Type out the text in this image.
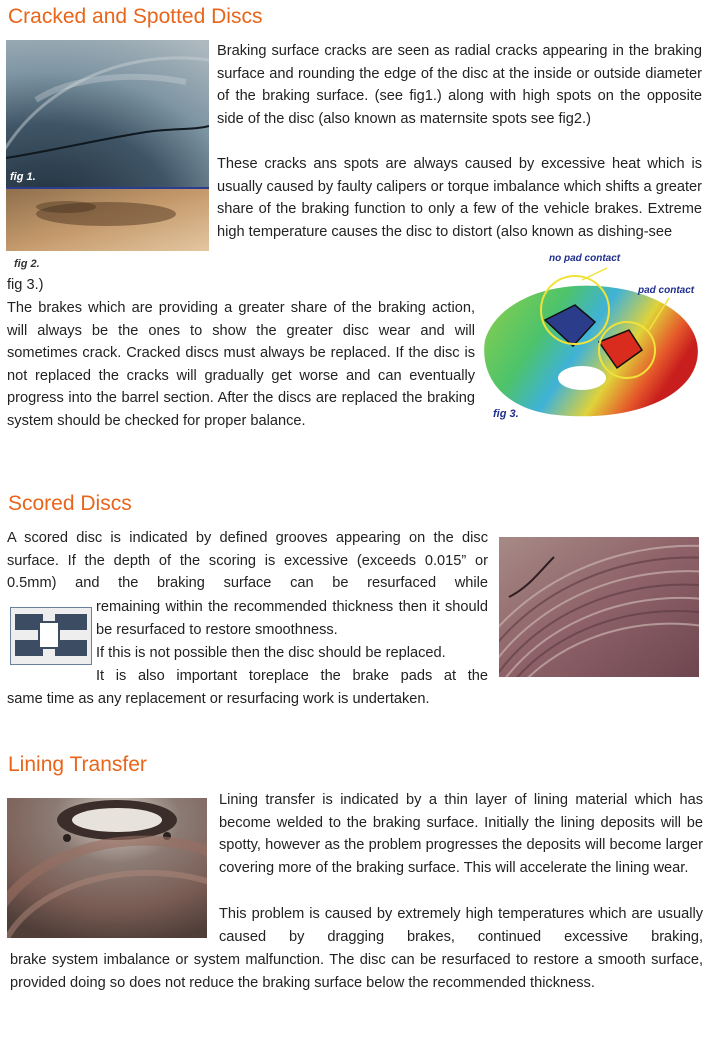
Cracked and Spotted Discs
fig 1.
fig 2.

Braking surface cracks are seen as radial cracks appearing in the braking surface and rounding the edge of the disc at the inside or outside diameter of the braking surface. (see fig1.) along with high spots on the opposite side of the disc (also known as maternsite spots see fig2.)

These cracks ans spots are always caused by excessive heat which is usually caused by faulty calipers or torque imbalance which shifts a greater share of the braking function to only a few of the vehicle brakes. Extreme high temperature causes the disc to distort (also known as dishing-see

no pad contact
pad contact
fig 3.

fig 3.)

The brakes which are providing a greater share of the braking action, will always be the ones to show the greater disc wear and will sometimes crack. Cracked discs must always be replaced. If the disc is not replaced the cracks will gradually get worse and can eventually progress into the barrel section. After the discs are replaced the braking system should be checked for proper balance.

Scored Discs

A scored disc is indicated by defined grooves appearing on the disc surface. If the depth of the scoring is excessive (exceeds 0.015” or 0.5mm) and the braking surface can be resurfaced while

remaining within the recommended thickness then it should be resurfaced to restore smoothness.

If this is not possible then the disc should be replaced.

It is also important toreplace the brake pads at the

same time as any replacement or resurfacing work is undertaken.

Lining Transfer

Lining transfer is indicated by a thin layer of lining material which has become welded to the braking surface. Initially the lining deposits will be spotty, however as the problem progresses the deposits will become larger covering more of the braking surface. This will accelerate the lining wear.

This problem is caused by extremely high temperatures which are usually caused by dragging brakes, continued excessive braking,

brake system imbalance or system malfunction. The disc can be resurfaced to restore a smooth surface, provided doing so does not reduce the braking surface below the recommended thickness.
